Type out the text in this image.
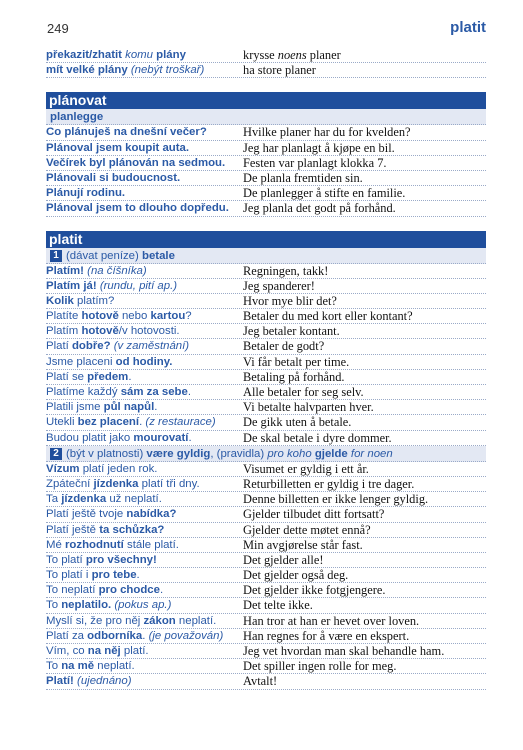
249	platit
překazit/zhatit komu plány	krysse noens planer
mít velké plány (nebýt troškař)	ha store planer
plánovat
planlegge
Co plánuješ na dnešní večer?	Hvilke planer har du for kvelden?
Plánoval jsem koupit auta.	Jeg har planlagt å kjøpe en bil.
Večírek byl plánován na sedmou.	Festen var planlagt klokka 7.
Plánovali si budoucnost.	De planla fremtiden sin.
Plánují rodinu.	De planlegger å stifte en familie.
Plánoval jsem to dlouho dopředu.	Jeg planla det godt på forhånd.
platit
1 (dávat peníze) betale
Platím! (na číšníka)	Regningen, takk!
Platím já! (rundu, pití ap.)	Jeg spanderer!
Kolik platím?	Hvor mye blir det?
Platíte hotově nebo kartou?	Betaler du med kort eller kontant?
Platím hotově/v hotovosti.	Jeg betaler kontant.
Platí dobře? (v zaměstnání)	Betaler de godt?
Jsme placeni od hodiny.	Vi får betalt per time.
Platí se předem.	Betaling på forhånd.
Platíme každý sám za sebe.	Alle betaler for seg selv.
Platili jsme půl napůl.	Vi betalte halvparten hver.
Utekli bez placení. (z restaurace)	De gikk uten å betale.
Budou platit jako mourovatí.	De skal betale i dyre dommer.
2 (být v platnosti) være gyldig, (pravidla) pro koho gjelde for noen
Vízum platí jeden rok.	Visumet er gyldig i ett år.
Zpáteční jízdenka platí tři dny.	Returbilletten er gyldig i tre dager.
Ta jízdenka už neplatí.	Denne billetten er ikke lenger gyldig.
Platí ještě tvoje nabídka?	Gjelder tilbudet ditt fortsatt?
Platí ještě ta schůzka?	Gjelder dette møtet ennå?
Mé rozhodnutí stále platí.	Min avgjørelse står fast.
To platí pro všechny!	Det gjelder alle!
To platí i pro tebe.	Det gjelder også deg.
To neplatí pro chodce.	Det gjelder ikke fotgjengere.
To neplatilo. (pokus ap.)	Det telte ikke.
Myslí si, že pro něj zákon neplatí.	Han tror at han er hevet over loven.
Platí za odborníka. (je považován)	Han regnes for å være en ekspert.
Vím, co na něj platí.	Jeg vet hvordan man skal behandle ham.
To na mě neplatí.	Det spiller ingen rolle for meg.
Platí! (ujednáno)	Avtalt!
